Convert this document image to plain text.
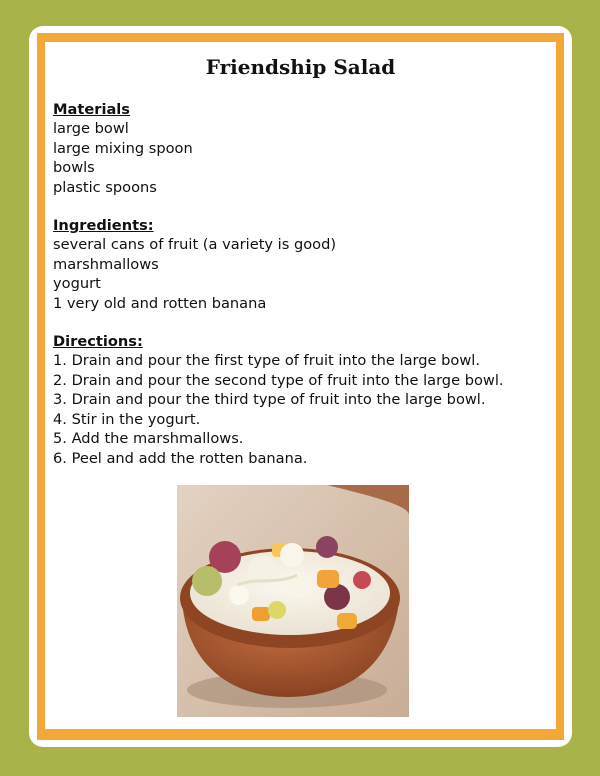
Friendship Salad
Materials
large bowl
large mixing spoon
bowls
plastic spoons
Ingredients:
several cans of fruit (a variety is good)
marshmallows
yogurt
1 very old and rotten banana
Directions:
1. Drain and pour the first type of fruit into the large bowl.
2. Drain and pour the second type of fruit into the large bowl.
3. Drain and pour the third type of fruit into the large bowl.
4. Stir in the yogurt.
5. Add the marshmallows.
6. Peel and add the rotten banana.
